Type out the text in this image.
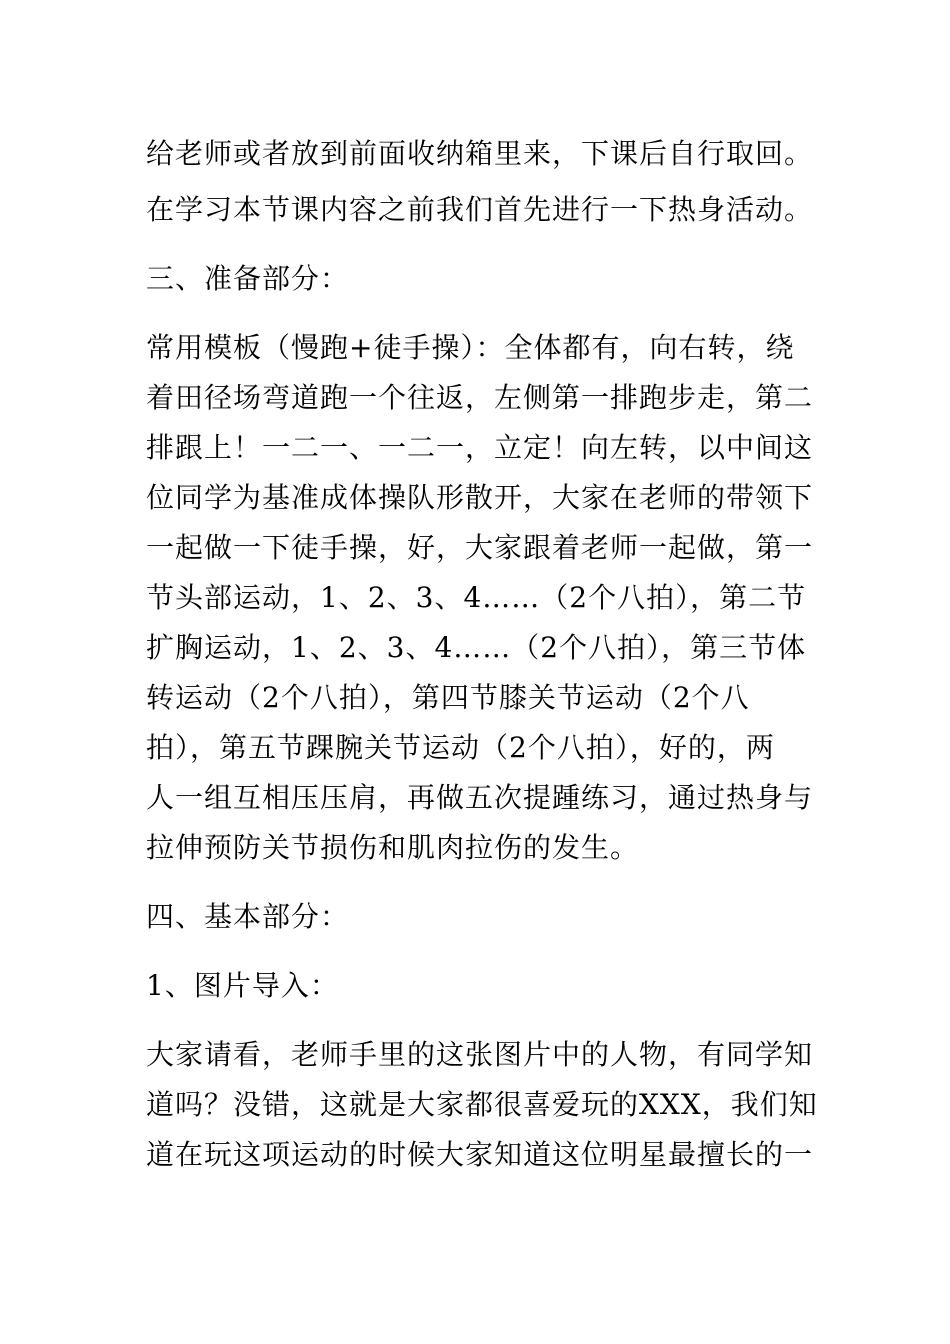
给老师或者放到前面收纳箱里来，下课后自行取回。

在学习本节课内容之前我们首先进行一下热身活动。

三、准备部分：

常用模板（慢跑+徒手操）：全体都有，向右转，绕

着田径场弯道跑一个往返，左侧第一排跑步走，第二

排跟上！一二一、一二一，立定！向左转，以中间这

位同学为基准成体操队形散开，大家在老师的带领下

一起做一下徒手操，好，大家跟着老师一起做，第一

节头部运动，1、2、3、4……（2个八拍），第二节

扩胸运动，1、2、3、4……（2个八拍），第三节体

转运动（2个八拍），第四节膝关节运动（2个八

拍），第五节踝腕关节运动（2个八拍），好的，两

人一组互相压压肩，再做五次提踵练习，通过热身与

拉伸预防关节损伤和肌肉拉伤的发生。

四、基本部分：

1、图片导入：

大家请看，老师手里的这张图片中的人物，有同学知

道吗？没错，这就是大家都很喜爱玩的XXX，我们知

道在玩这项运动的时候大家知道这位明星最擅长的一
